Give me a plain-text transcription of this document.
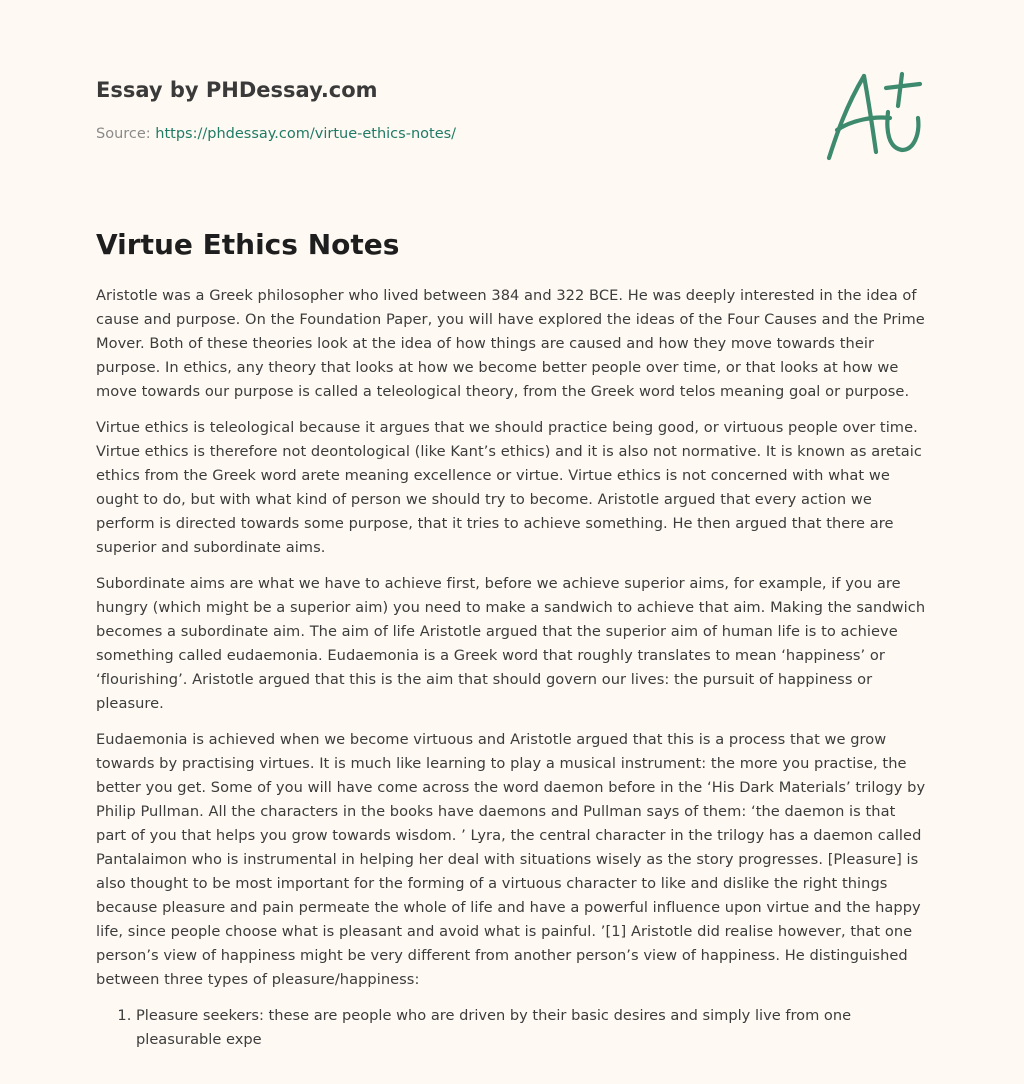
Essay by PHDessay.com
Source: https://phdessay.com/virtue-ethics-notes/
Virtue Ethics Notes

Aristotle was a Greek philosopher who lived between 384 and 322 BCE. He was deeply interested in the idea of cause and purpose. On the Foundation Paper, you will have explored the ideas of the Four Causes and the Prime Mover. Both of these theories look at the idea of how things are caused and how they move towards their purpose. In ethics, any theory that looks at how we become better people over time, or that looks at how we move towards our purpose is called a teleological theory, from the Greek word telos meaning goal or purpose.

Virtue ethics is teleological because it argues that we should practice being good, or virtuous people over time. Virtue ethics is therefore not deontological (like Kant’s ethics) and it is also not normative. It is known as aretaic ethics from the Greek word arete meaning excellence or virtue. Virtue ethics is not concerned with what we ought to do, but with what kind of person we should try to become. Aristotle argued that every action we perform is directed towards some purpose, that it tries to achieve something. He then argued that there are superior and subordinate aims.

Subordinate aims are what we have to achieve first, before we achieve superior aims, for example, if you are hungry (which might be a superior aim) you need to make a sandwich to achieve that aim. Making the sandwich becomes a subordinate aim. The aim of life Aristotle argued that the superior aim of human life is to achieve something called eudaemonia. Eudaemonia is a Greek word that roughly translates to mean ‘happiness’ or ‘flourishing’. Aristotle argued that this is the aim that should govern our lives: the pursuit of happiness or pleasure.

Eudaemonia is achieved when we become virtuous and Aristotle argued that this is a process that we grow towards by practising virtues. It is much like learning to play a musical instrument: the more you practise, the better you get. Some of you will have come across the word daemon before in the ‘His Dark Materials’ trilogy by Philip Pullman. All the characters in the books have daemons and Pullman says of them: ‘the daemon is that part of you that helps you grow towards wisdom. ’ Lyra, the central character in the trilogy has a daemon called Pantalaimon who is instrumental in helping her deal with situations wisely as the story progresses. [Pleasure] is also thought to be most important for the forming of a virtuous character to like and dislike the right things because pleasure and pain permeate the whole of life and have a powerful influence upon virtue and the happy life, since people choose what is pleasant and avoid what is painful. ’[1] Aristotle did realise however, that one person’s view of happiness might be very different from another person’s view of happiness. He distinguished between three types of pleasure/happiness:

1. Pleasure seekers: these are people who are driven by their basic desires and simply live from one pleasurable expe
